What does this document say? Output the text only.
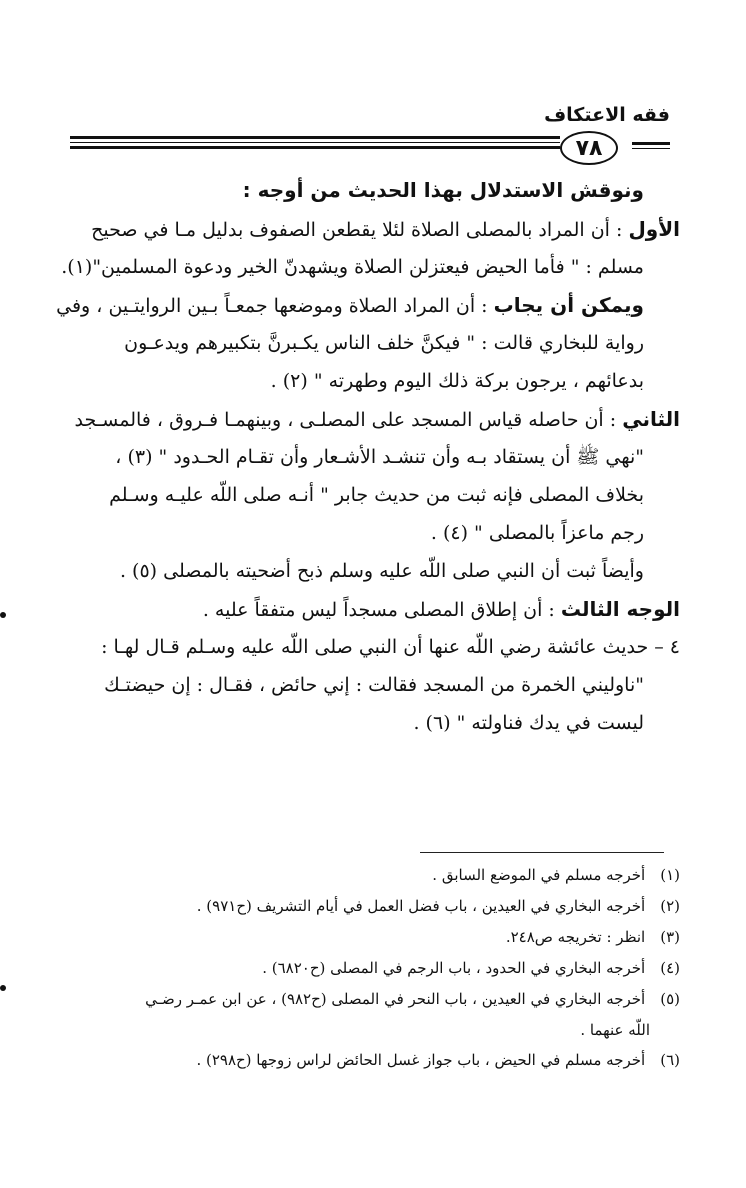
فقه الاعتكاف
٧٨
ونوقش الاستدلال بهذا الحديث من أوجه :
الأول : أن المراد بالمصلى الصلاة لئلا يقطعن الصفوف بدليل مـا في صحيح
مسلم : " فأما الحيض فيعتزلن الصلاة ويشهدنّ الخير ودعوة المسلمين"(١).
ويمكن أن يجاب : أن المراد الصلاة وموضعها جمعـاً بـين الروايتـين ، وفي
رواية للبخاري قالت : " فيكنَّ خلف الناس يكـبرنَّ بتكبيرهم ويدعـون
بدعائهم ، يرجون بركة ذلك اليوم وطهرته " (٢) .
الثاني : أن حاصله قياس المسجد على المصلـى ، وبينهمـا فـروق ، فالمسـجد
"نهي ﷺ أن يستقاد بـه وأن تنشـد الأشـعار وأن تقـام الحـدود " (٣) ،
بخلاف المصلى فإنه ثبت من حديث جابر " أنـه صلى اللّه عليـه وسـلم
رجم ماعزاً بالمصلى " (٤) .
وأيضاً ثبت أن النبي صلى اللّه عليه وسلم ذبح أضحيته بالمصلى (٥) .
الوجه الثالث : أن إطلاق المصلى مسجداً ليس متفقاً عليه .
٤ – حديث عائشة رضي اللّه عنها أن النبي صلى اللّه عليه وسـلم قـال لهـا :
"ناوليني الخمرة من المسجد فقالت : إني حائض ، فقـال : إن حيضتـك
ليست في يدك فناولته " (٦) .
(١) أخرجه مسلم في الموضع السابق .
(٢) أخرجه البخاري في العيدين ، باب فضل العمل في أيام التشريف (ح٩٧١) .
(٣) انظر : تخريجه ص٢٤٨.
(٤) أخرجه البخاري في الحدود ، باب الرجم في المصلى (ح٦٨٢٠) .
(٥) أخرجه البخاري في العيدين ، باب النحر في المصلى (ح٩٨٢) ، عن ابن عمـر رضـي
اللّه عنهما .
(٦) أخرجه مسلم في الحيض ، باب جواز غسل الحائض لراس زوجها (ح٢٩٨) .
